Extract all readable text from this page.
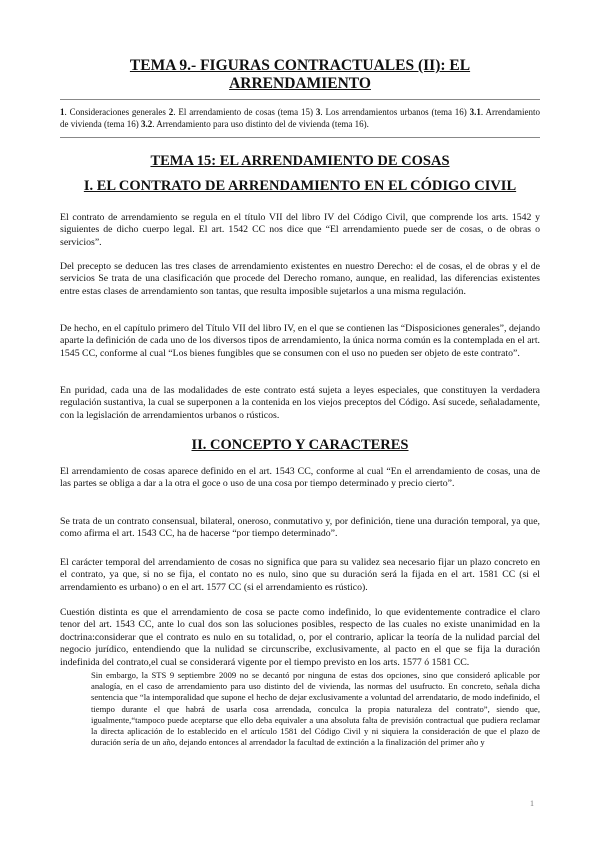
TEMA 9.- FIGURAS CONTRACTUALES (II): EL ARRENDAMIENTO
1. Consideraciones generales 2. El arrendamiento de cosas (tema 15) 3. Los arrendamientos urbanos (tema 16) 3.1. Arrendamiento de vivienda (tema 16) 3.2. Arrendamiento para uso distinto del de vivienda (tema 16).
TEMA 15: EL ARRENDAMIENTO DE COSAS
I. EL CONTRATO DE ARRENDAMIENTO EN EL CÓDIGO CIVIL

El contrato de arrendamiento se regula en el título VII del libro IV del Código Civil, que comprende los arts. 1542 y siguientes de dicho cuerpo legal. El art. 1542 CC nos dice que “El arrendamiento puede ser de cosas, o de obras o servicios”.

Del precepto se deducen las tres clases de arrendamiento existentes en nuestro Derecho: el de cosas, el de obras y el de servicios Se trata de una clasificación que procede del Derecho romano, aunque, en realidad, las diferencias existentes entre estas clases de arrendamiento son tantas, que resulta imposible sujetarlos a una misma regulación.

De hecho, en el capítulo primero del Título VII del libro IV, en el que se contienen las “Disposiciones generales”, dejando aparte la definición de cada uno de los diversos tipos de arrendamiento, la única norma común es la contemplada en el art. 1545 CC, conforme al cual “Los bienes fungibles que se consumen con el uso no pueden ser objeto de este contrato”.

En puridad, cada una de las modalidades de este contrato está sujeta a leyes especiales, que constituyen la verdadera regulación sustantiva, la cual se superponen a la contenida en los viejos preceptos del Código. Así sucede, señaladamente, con la legislación de arrendamientos urbanos o rústicos.

II. CONCEPTO Y CARACTERES

El arrendamiento de cosas aparece definido en el art. 1543 CC, conforme al cual “En el arrendamiento de cosas, una de las partes se obliga a dar a la otra el goce o uso de una cosa por tiempo determinado y precio cierto”.

Se trata de un contrato consensual, bilateral, oneroso, conmutativo y, por definición, tiene una duración temporal, ya que, como afirma el art. 1543 CC, ha de hacerse “por tiempo determinado”.

El carácter temporal del arrendamiento de cosas no significa que para su validez sea necesario fijar un plazo concreto en el contrato, ya que, si no se fija, el contato no es nulo, sino que su duración será la fijada en el art. 1581 CC (si el arrendamiento es urbano) o en el art. 1577 CC (si el arrendamiento es rústico).

Cuestión distinta es que el arrendamiento de cosa se pacte como indefinido, lo que evidentemente contradice el claro tenor del art. 1543 CC, ante lo cual dos son las soluciones posibles, respecto de las cuales no existe unanimidad en la doctrina:considerar que el contrato es nulo en su totalidad, o, por el contrario, aplicar la teoría de la nulidad parcial del negocio jurídico, entendiendo que la nulidad se circunscribe, exclusivamente, al pacto en el que se fija la duración indefinida del contrato,el cual se considerará vigente por el tiempo previsto en los arts. 1577 ó 1581 CC.

Sin embargo, la STS 9 septiembre 2009 no se decantó por ninguna de estas dos opciones, sino que consideró aplicable por analogía, en el caso de arrendamiento para uso distinto del de vivienda, las normas del usufructo. En concreto, señala dicha sentencia que “la intemporalidad que supone el hecho de dejar exclusivamente a voluntad del arrendatario, de modo indefinido, el tiempo durante el que habrá de usarla cosa arrendada, conculca la propia naturaleza del contrato”, siendo que, igualmente,“tampoco puede aceptarse que ello deba equivaler a una absoluta falta de previsión contractual que pudiera reclamar la directa aplicación de lo establecido en el artículo 1581 del Código Civil y ni siquiera la consideración de que el plazo de duración sería de un año, dejando entonces al arrendador la facultad de extinción a la finalización del primer año y

1
